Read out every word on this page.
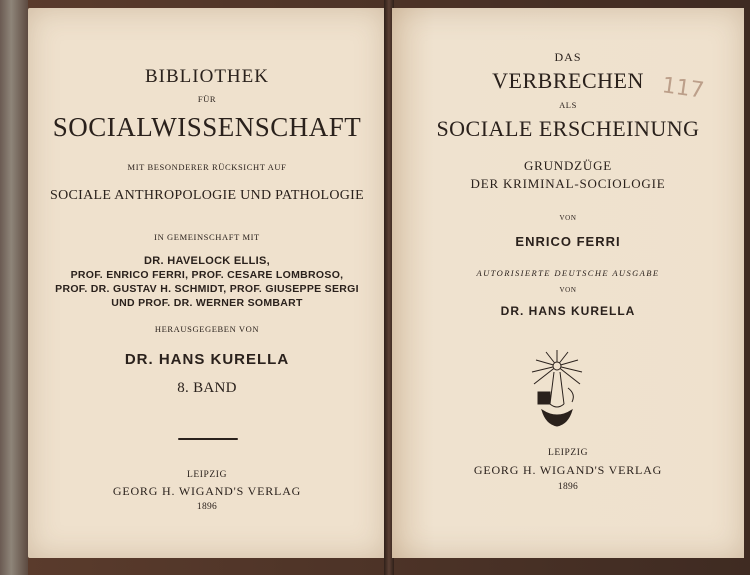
BIBLIOTHEK
FÜR
SOCIALWISSENSCHAFT
MIT BESONDERER RÜCKSICHT AUF
SOCIALE ANTHROPOLOGIE UND PATHOLOGIE
IN GEMEINSCHAFT MIT
DR. HAVELOCK ELLIS,
PROF. ENRICO FERRI, PROF. CESARE LOMBROSO,
PROF. DR. GUSTAV H. SCHMIDT, PROF. GIUSEPPE SERGI
UND PROF. DR. WERNER SOMBART
HERAUSGEGEBEN VON
DR. HANS KURELLA
8. BAND
LEIPZIG
GEORG H. WIGAND'S VERLAG
1896
117
DAS
VERBRECHEN
ALS
SOCIALE ERSCHEINUNG
GRUNDZÜGE
DER KRIMINAL-SOCIOLOGIE
VON
ENRICO FERRI
AUTORISIERTE DEUTSCHE AUSGABE
VON
DR. HANS KURELLA
LEIPZIG
GEORG H. WIGAND'S VERLAG
1896
